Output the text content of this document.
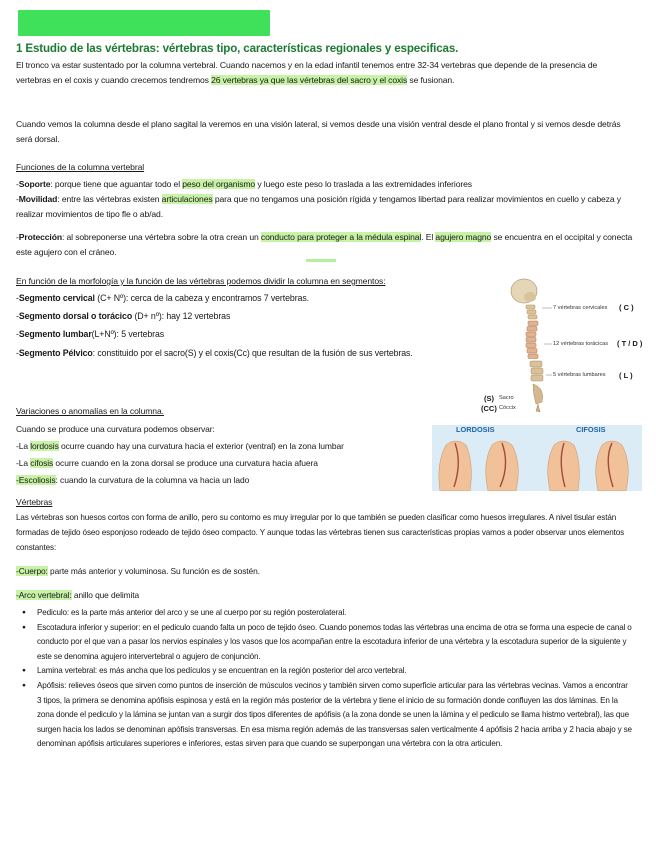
1 Estudio de las vértebras: vértebras tipo, características regionales y especificas.
El tronco va estar sustentado por la columna vertebral. Cuando nacemos y en la edad infantil tenemos entre 32-34 vertebras que depende de la presencia de vertebras en el coxis y cuando crecemos tendremos 26 vertebras ya que las vértebras del sacro y el coxis se fusionan.
Cuando vemos la columna desde el plano sagital la veremos en una visión lateral, si vemos desde una visión ventral desde el plano frontal y si vemos desde detrás será dorsal.
Funciones de la columna vertebral
-Soporte: porque tiene que aguantar todo el peso del organismo y luego este peso lo traslada a las extremidades inferiores
-Movilidad: entre las vértebras existen articulaciones para que no tengamos una posición rígida y tengamos libertad para realizar movimientos en cuello y cabeza y realizar movimientos de tipo fle o ab/ad.
-Protección: al sobreponerse una vértebra sobre la otra crean un conducto para proteger a la médula espinal. El agujero magno se encuentra en el occipital y conecta este agujero con el cráneo.
En función de la morfología y la función de las vértebras podemos dividir la columna en segmentos:
-Segmento cervical (C+ Nº): cerca de la cabeza y encontramos 7 vertebras.
-Segmento dorsal o torácico (D+ nº): hay 12 vertebras
-Segmento lumbar(L+Nº): 5 vertebras
-Segmento Pélvico: constituido por el sacro(S) y el coxis(Cc) que resultan de la fusión de sus vertebras.
7 vértebras cervicales
12 vértebras torácicas
5 vértebras lumbares
Sacro
Cóccix
( C )
( T / D )
( L )
(S)
(CC)
Variaciones o anomalías en la columna.
Cuando se produce una curvatura podemos observar:
-La lordosis ocurre cuando hay una curvatura hacia el exterior (ventral) en la zona lumbar
-La cifosis ocurre cuando en la zona dorsal se produce una curvatura hacia afuera
-Escoliosis: cuando la curvatura de la columna va hacia un lado
LORDOSIS	CIFOSIS
Vértebras
Las vértebras son huesos cortos con forma de anillo, pero su contorno es muy irregular por lo que también se pueden clasificar como huesos irregulares. A nivel tisular están formadas de tejido óseo esponjoso rodeado de tejido óseo compacto. Y aunque todas las vértebras tienen sus características propias vamos a poder observar unos elementos constantes:
-Cuerpo: parte más anterior y voluminosa. Su función es de sostén.
-Arco vertebral: anillo que delimita
● Pediculo: es la parte más anterior del arco y se une al cuerpo por su región posterolateral.
● Escotadura inferior y superior: en el pediculo cuando falta un poco de tejido óseo. Cuando ponemos todas las vértebras una encima de otra se forma una especie de canal o conducto por el que van a pasar los nervios espinales y los vasos que los acompañan entre la escotadura inferior de una vértebra y la escotadura superior de la siguiente y este se denomina agujero intervertebral o agujero de conjunción.
● Lamina vertebral: es más ancha que los pedículos y se encuentran en la región posterior del arco vertebral.
● Apófisis: relieves óseos que sirven como puntos de inserción de músculos vecinos y también sirven como superficie articular para las vértebras vecinas. Vamos a encontrar 3 tipos, la primera se denomina apófisis espinosa y está en la región más posterior de la vértebra y tiene el inicio de su formación donde confluyen las dos láminas. En la zona donde el pediculo y la lámina se juntan van a surgir dos tipos diferentes de apófisis (a la zona donde se unen la lámina y el pediculo se llama histmo vertebral), las que surgen hacia los lados se denominan apófisis transversas. En esa misma región además de las transversas salen verticalmente 4 apófisis 2 hacia arriba y 2 hacia abajo y se denominan apófisis articulares superiores e inferiores, estas sirven para que cuando se superpongan una vértebra con la otra articulen.
